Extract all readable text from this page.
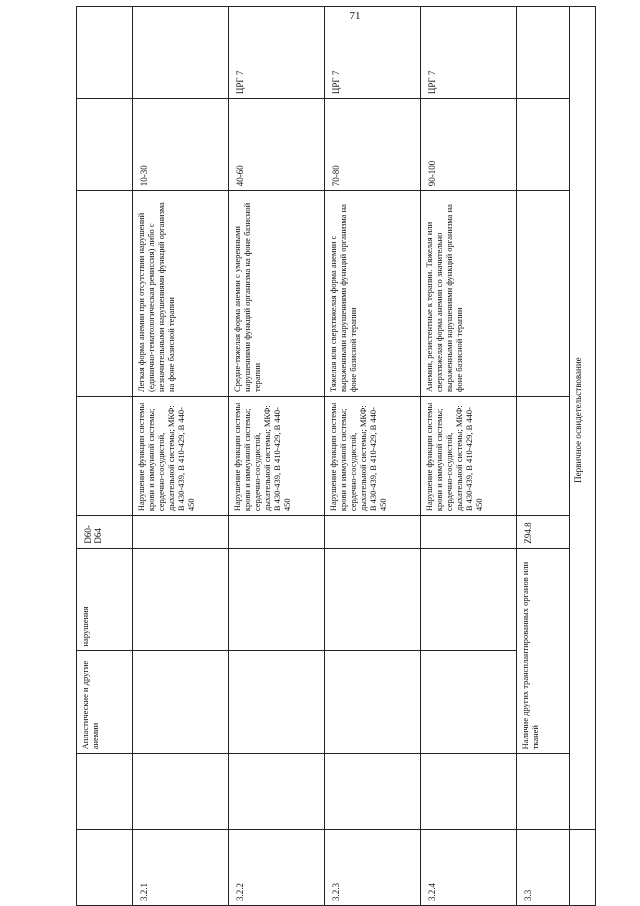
71
		Апластические и другие анемии	нарушения	D60-D64				
3.2.1					Нарушение функции системы крови и иммунной системы; сердечно-сосудистой, дыхательной системы; МКФ: В 430-439, В 410-429, В 440-450	Легкая форма анемии при отсутствии нарушений (единично-гематологическая ремиссия) либо с незначительными нарушениями функций организма на фоне базисной терапии	10-30	
3.2.2					Нарушение функции системы крови и иммунной системы; сердечно-сосудистой, дыхательной системы; МКФ: В 430-439, В 410-429, В 440-450	Средне-тяжелая форма анемии с умеренными нарушениями функций организма на фоне базисной терапии	40-60	ЦРГ 7
3.2.3					Нарушение функции системы крови и иммунной системы; сердечно-сосудистой, дыхательной системы; МКФ: В 430-439, В 410-429, В 440-450	Тяжелая или сверхтяжелая форма анемии с выраженными нарушениями функций организма на фоне базисной терапии	70-80	ЦРГ 7
3.2.4					Нарушение функции системы крови и иммунной системы; сердечно-сосудистой, дыхательной системы; МКФ: В 430-439, В 410-429, В 440-450	Анемии, резистентные к терапии. Тяжелая или сверхтяжелая форма анемии со значительно выраженными нарушениями функций организма на фоне базисной терапии	90-100	ЦРГ 7
3.3		Наличие других трансплантированных органов или тканей		Z94.8				
	Первичное освидетельствование							
